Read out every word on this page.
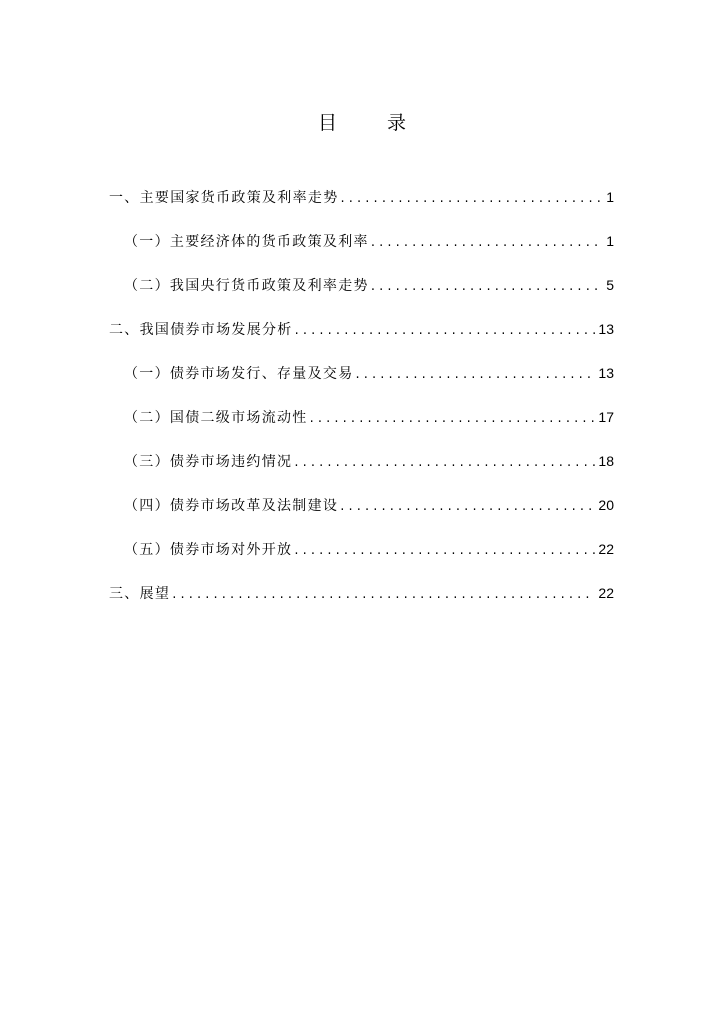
目 录
一、主要国家货币政策及利率走势 . . .	1
（一）主要经济体的货币政策及利率 . . .	1
（二）我国央行货币政策及利率走势 . . .	5
二、我国债券市场发展分析 . . .	13
（一）债券市场发行、存量及交易 . . .	13
（二）国债二级市场流动性 . . .	17
（三）债券市场违约情况 . . .	18
（四）债券市场改革及法制建设 . . .	20
（五）债券市场对外开放 . . .	22
三、展望 . . .	22
